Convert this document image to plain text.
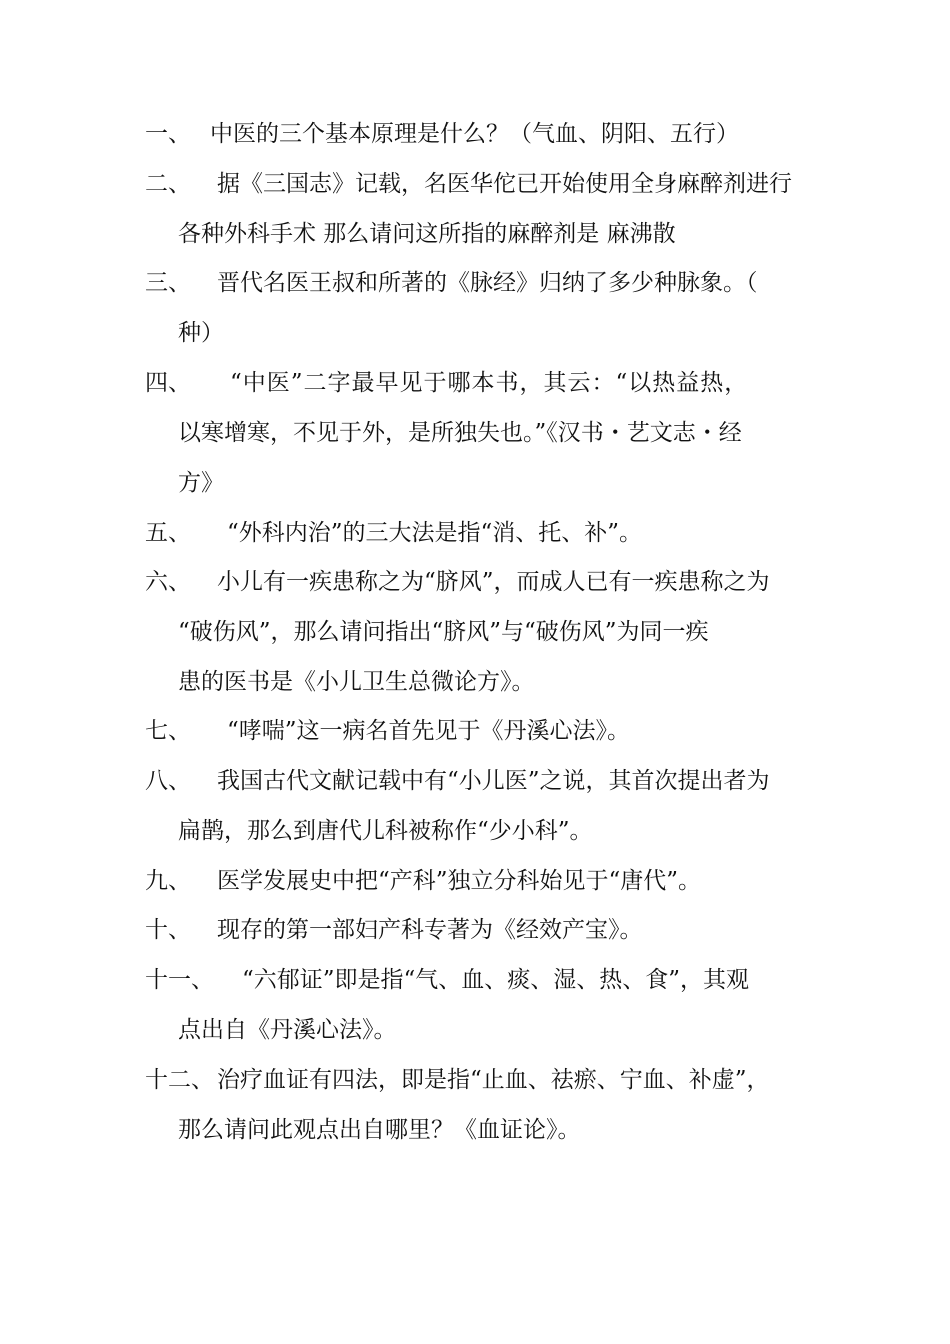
一、 中医的三个基本原理是什么？（气血、阴阳、五行）
二、 据《三国志》记载，名医华佗已开始使用全身麻醉剂进行
各种外科手术 那么请问这所指的麻醉剂是 麻沸散
三、 晋代名医王叔和所著的《脉经》归纳了多少种脉象。（
种）
四、 “中医”二字最早见于哪本书，其云：“以热益热，
以寒增寒，不见于外，是所独失也。”《汉书・艺文志・经
方》
五、 “外科内治”的三大法是指“消、托、补”。
六、 小儿有一疾患称之为“脐风”，而成人已有一疾患称之为
“破伤风”，那么请问指出“脐风”与“破伤风”为同一疾
患的医书是《小儿卫生总微论方》。
七、 “哮喘”这一病名首先见于《丹溪心法》。
八、 我国古代文献记载中有“小儿医”之说，其首次提出者为
扁鹊，那么到唐代儿科被称作“少小科”。
九、 医学发展史中把“产科”独立分科始见于“唐代”。
十、 现存的第一部妇产科专著为《经效产宝》。
十一、 “六郁证”即是指“气、血、痰、湿、热、食”，其观
点出自《丹溪心法》。
十二、 治疗血证有四法，即是指“止血、祛瘀、宁血、补虚”，
那么请问此观点出自哪里？《血证论》。
